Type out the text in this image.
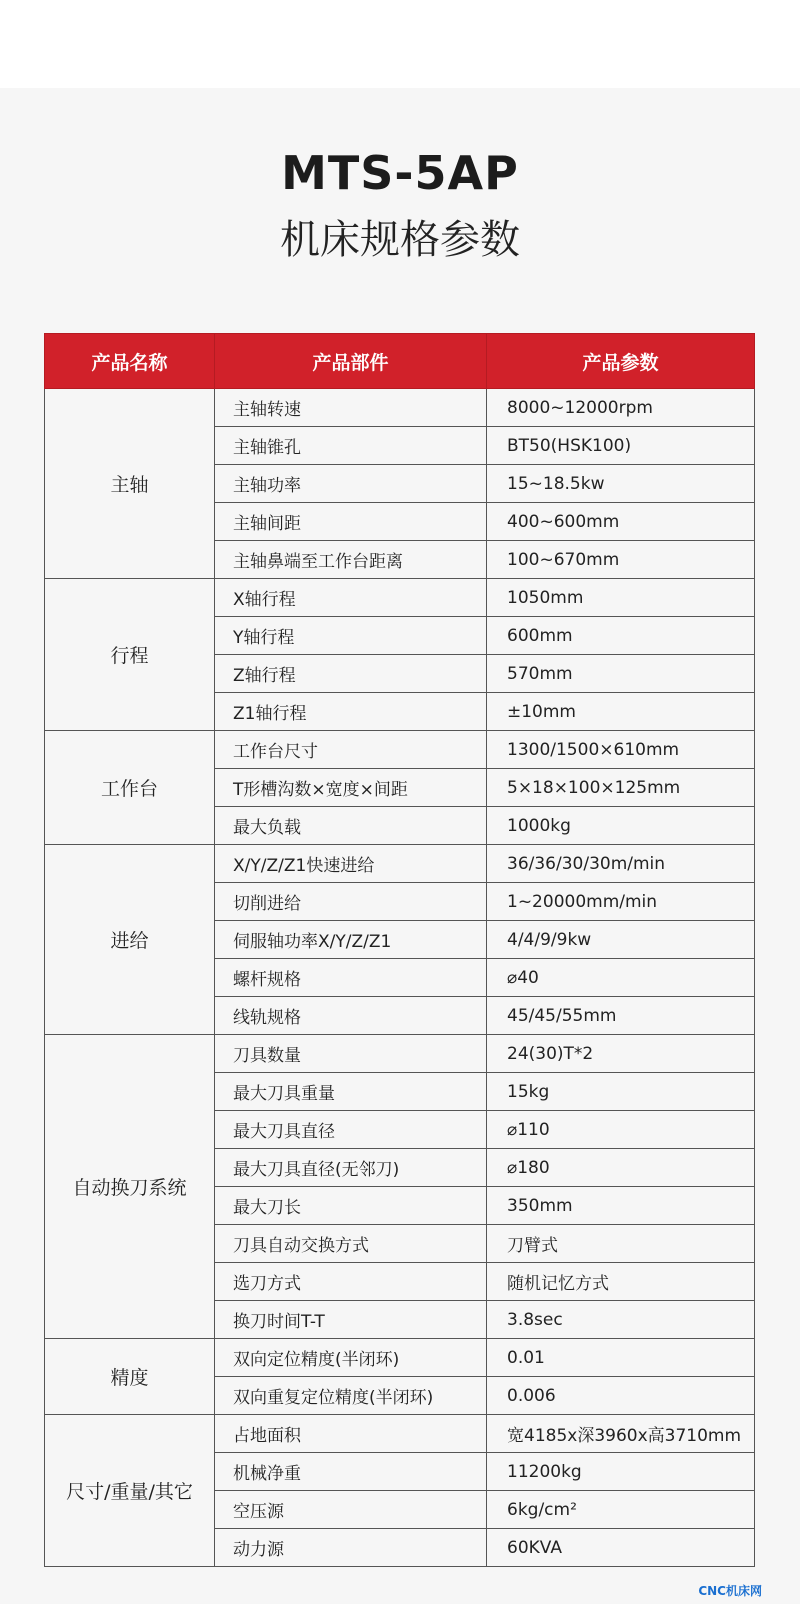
MTS-5AP
机床规格参数
产品名称	产品部件	产品参数
主轴	主轴转速	8000~12000rpm
	主轴锥孔	BT50(HSK100)
	主轴功率	15~18.5kw
	主轴间距	400~600mm
	主轴鼻端至工作台距离	100~670mm
行程	X轴行程	1050mm
	Y轴行程	600mm
	Z轴行程	570mm
	Z1轴行程	±10mm
工作台	工作台尺寸	1300/1500×610mm
	T形槽沟数×宽度×间距	5×18×100×125mm
	最大负载	1000kg
进给	X/Y/Z/Z1快速进给	36/36/30/30m/min
	切削进给	1~20000mm/min
	伺服轴功率X/Y/Z/Z1	4/4/9/9kw
	螺杆规格	⌀40
	线轨规格	45/45/55mm
自动换刀系统	刀具数量	24(30)T*2
	最大刀具重量	15kg
	最大刀具直径	⌀110
	最大刀具直径(无邻刀)	⌀180
	最大刀长	350mm
	刀具自动交换方式	刀臂式
	选刀方式	随机记忆方式
	换刀时间T-T	3.8sec
精度	双向定位精度(半闭环)	0.01
	双向重复定位精度(半闭环)	0.006
尺寸/重量/其它	占地面积	宽4185x深3960x高3710mm
	机械净重	11200kg
	空压源	6kg/cm²
	动力源	60KVA
CNC机床网
